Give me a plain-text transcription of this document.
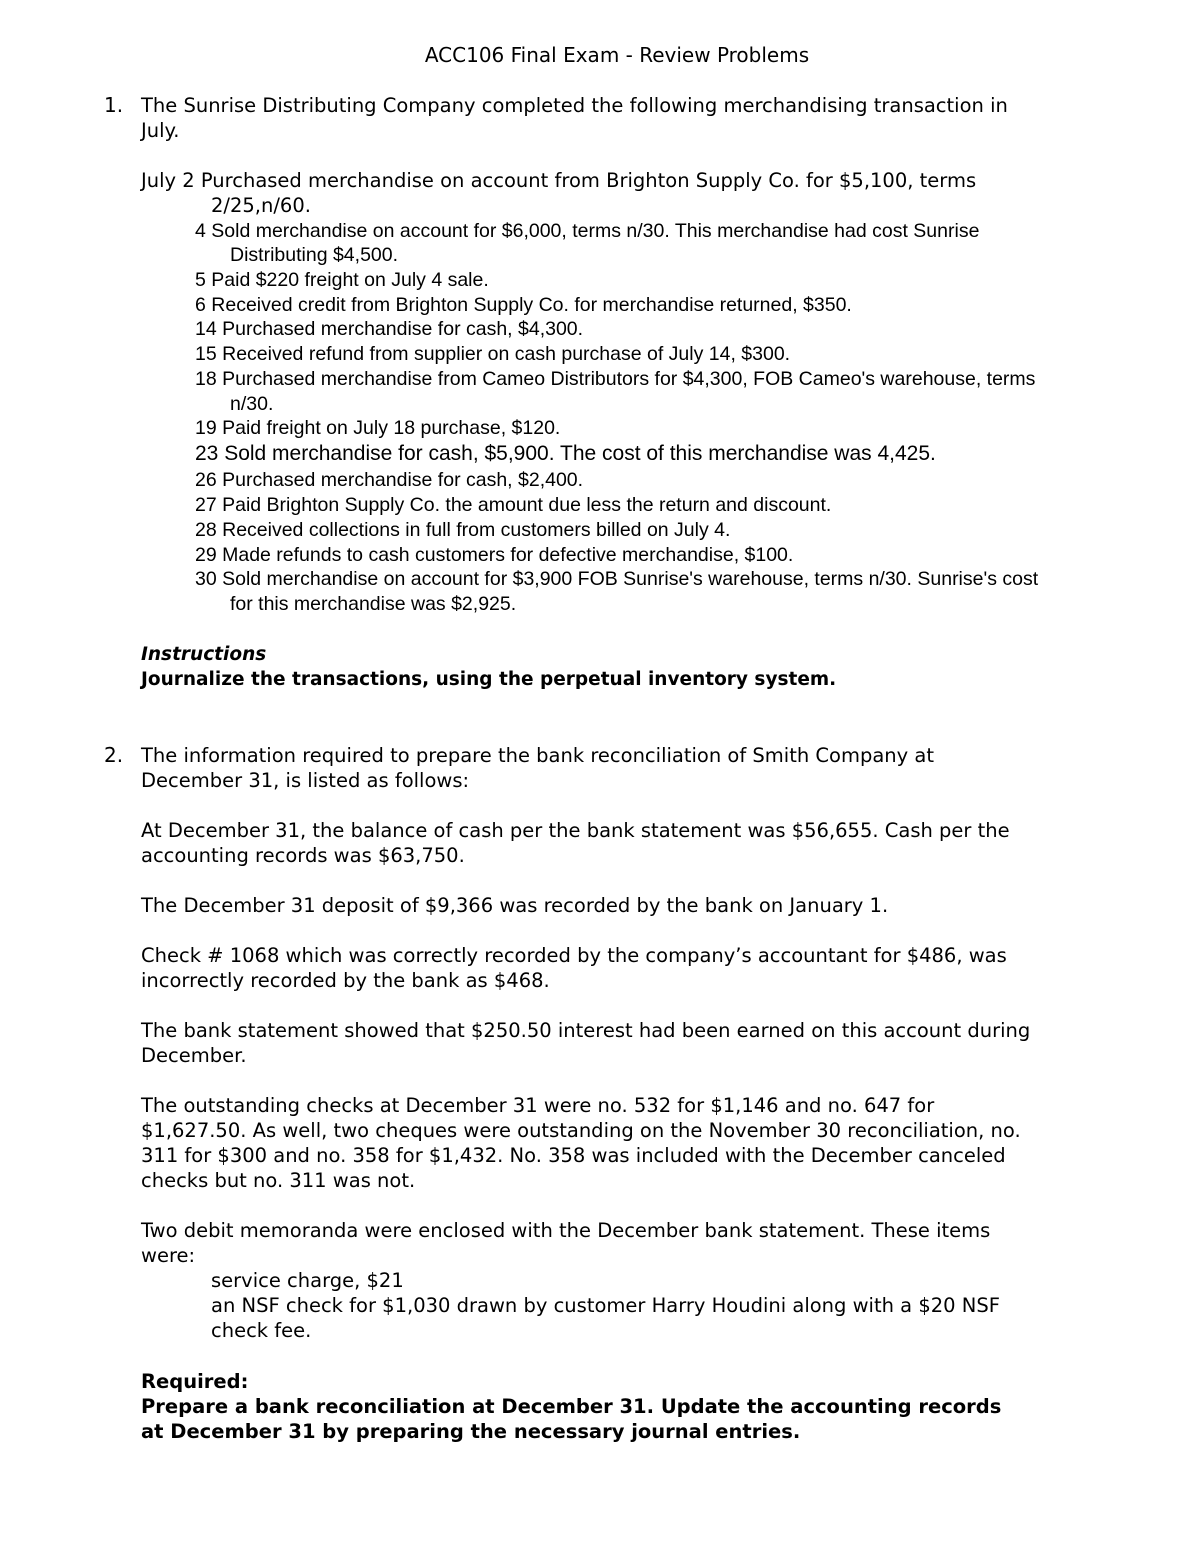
ACC106 Final Exam - Review Problems
1. The Sunrise Distributing Company completed the following merchandising transaction in
July.
July 2 Purchased merchandise on account from Brighton Supply Co. for $5,100, terms
2/25,n/60.
4 Sold merchandise on account for $6,000, terms n/30. This merchandise had cost Sunrise
Distributing $4,500.
5 Paid $220 freight on July 4 sale.
6 Received credit from Brighton Supply Co. for merchandise returned, $350.
14 Purchased merchandise for cash, $4,300.
15 Received refund from supplier on cash purchase of July 14, $300.
18 Purchased merchandise from Cameo Distributors for $4,300, FOB Cameo's warehouse, terms
n/30.
19 Paid freight on July 18 purchase, $120.
23 Sold merchandise for cash, $5,900. The cost of this merchandise was 4,425.
26 Purchased merchandise for cash, $2,400.
27 Paid Brighton Supply Co. the amount due less the return and discount.
28 Received collections in full from customers billed on July 4.
29 Made refunds to cash customers for defective merchandise, $100.
30 Sold merchandise on account for $3,900 FOB Sunrise's warehouse, terms n/30. Sunrise's cost
for this merchandise was $2,925.
Instructions
Journalize the transactions, using the perpetual inventory system.
2. The information required to prepare the bank reconciliation of Smith Company at
December 31, is listed as follows:
At December 31, the balance of cash per the bank statement was $56,655. Cash per the
accounting records was $63,750.
The December 31 deposit of $9,366 was recorded by the bank on January 1.
Check # 1068 which was correctly recorded by the company’s accountant for $486, was
incorrectly recorded by the bank as $468.
The bank statement showed that $250.50 interest had been earned on this account during
December.
The outstanding checks at December 31 were no. 532 for $1,146 and no. 647 for
$1,627.50. As well, two cheques were outstanding on the November 30 reconciliation, no.
311 for $300 and no. 358 for $1,432. No. 358 was included with the December canceled
checks but no. 311 was not.
Two debit memoranda were enclosed with the December bank statement. These items
were:
service charge, $21
an NSF check for $1,030 drawn by customer Harry Houdini along with a $20 NSF
check fee.
Required:
Prepare a bank reconciliation at December 31. Update the accounting records
at December 31 by preparing the necessary journal entries.
